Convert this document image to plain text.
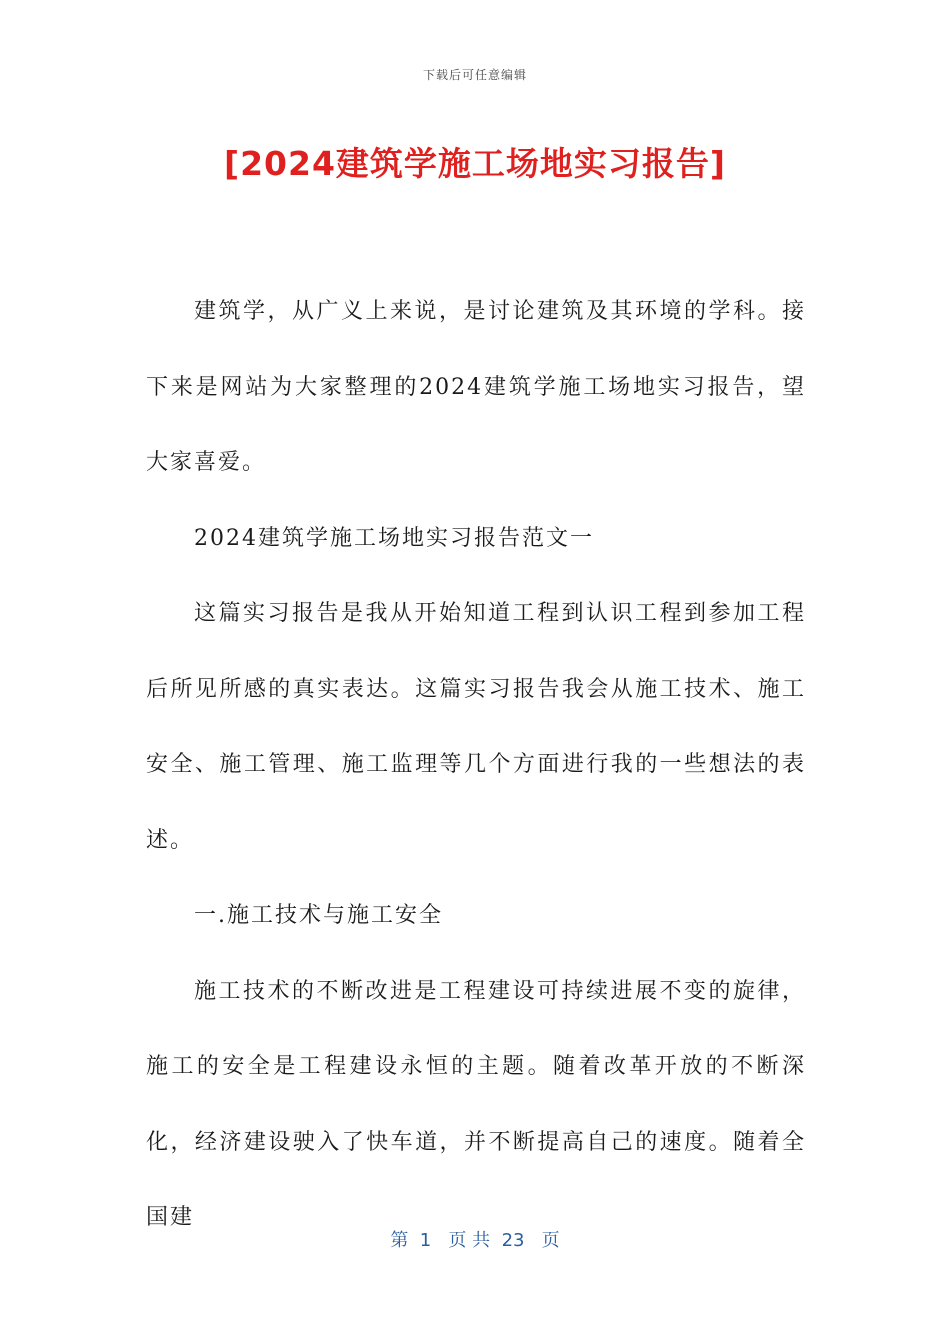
下载后可任意编辑
[2024建筑学施工场地实习报告]

建筑学，从广义上来说，是讨论建筑及其环境的学科。接下来是网站为大家整理的2024建筑学施工场地实习报告，望大家喜爱。

2024建筑学施工场地实习报告范文一

这篇实习报告是我从开始知道工程到认识工程到参加工程后所见所感的真实表达。这篇实习报告我会从施工技术、施工安全、施工管理、施工监理等几个方面进行我的一些想法的表述。

一.施工技术与施工安全

施工技术的不断改进是工程建设可持续进展不变的旋律，施工的安全是工程建设永恒的主题。随着改革开放的不断深化，经济建设驶入了快车道，并不断提高自己的速度。随着全国建

第  1   页 共  23   页
